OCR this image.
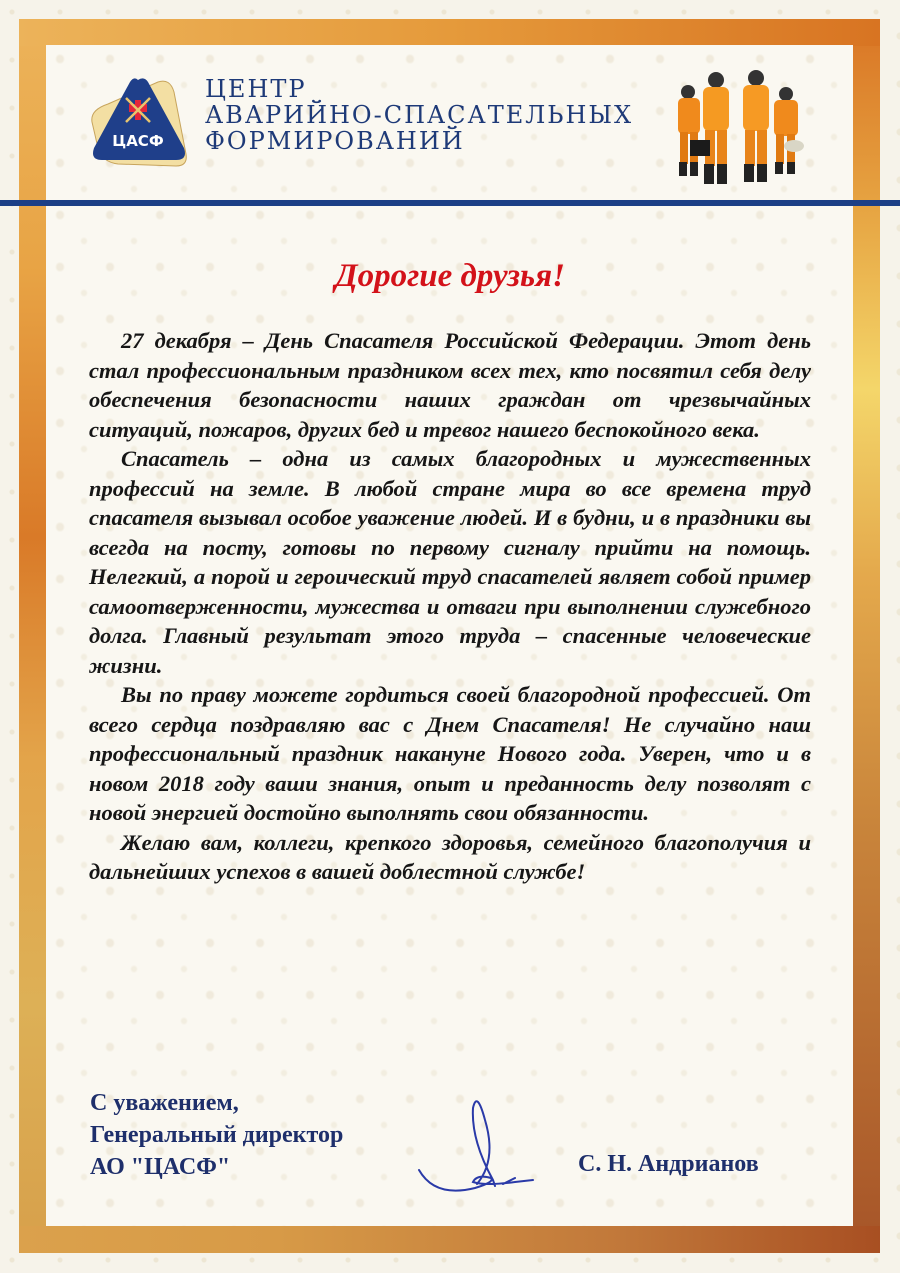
ЦАСФ
ЦЕНТР
АВАРИЙНО-СПАСАТЕЛЬНЫХ
ФОРМИРОВАНИЙ
Дорогие друзья!

27 декабря – День Спасателя Российской Федерации. Этот день стал профессиональным праздником всех тех, кто посвятил себя делу обеспечения безопасности наших граждан от чрезвычайных ситуаций, пожаров, других бед и тревог нашего беспокойного века.

Спасатель – одна из самых благородных и мужественных профессий на земле. В любой стране мира во все времена труд спасателя вызывал особое уважение людей. И в будни, и в праздники вы всегда на посту, готовы по первому сигналу прийти на помощь. Нелегкий, а порой и героический труд спасателей являет собой пример самоотверженности, мужества и отваги при выполнении служебного долга. Главный результат этого труда – спасенные человеческие жизни.

Вы по праву можете гордиться своей благородной профессией. От всего сердца поздравляю вас с Днем Спасателя! Не случайно наш профессиональный праздник накануне Нового года. Уверен, что и в новом 2018 году ваши знания, опыт и преданность делу позволят с новой энергией достойно выполнять свои обязанности.

Желаю вам, коллеги, крепкого здоровья, семейного благополучия и дальнейших успехов в вашей доблестной службе!

С уважением,
Генеральный директор
АО "ЦАСФ"	С. Н. Андрианов
